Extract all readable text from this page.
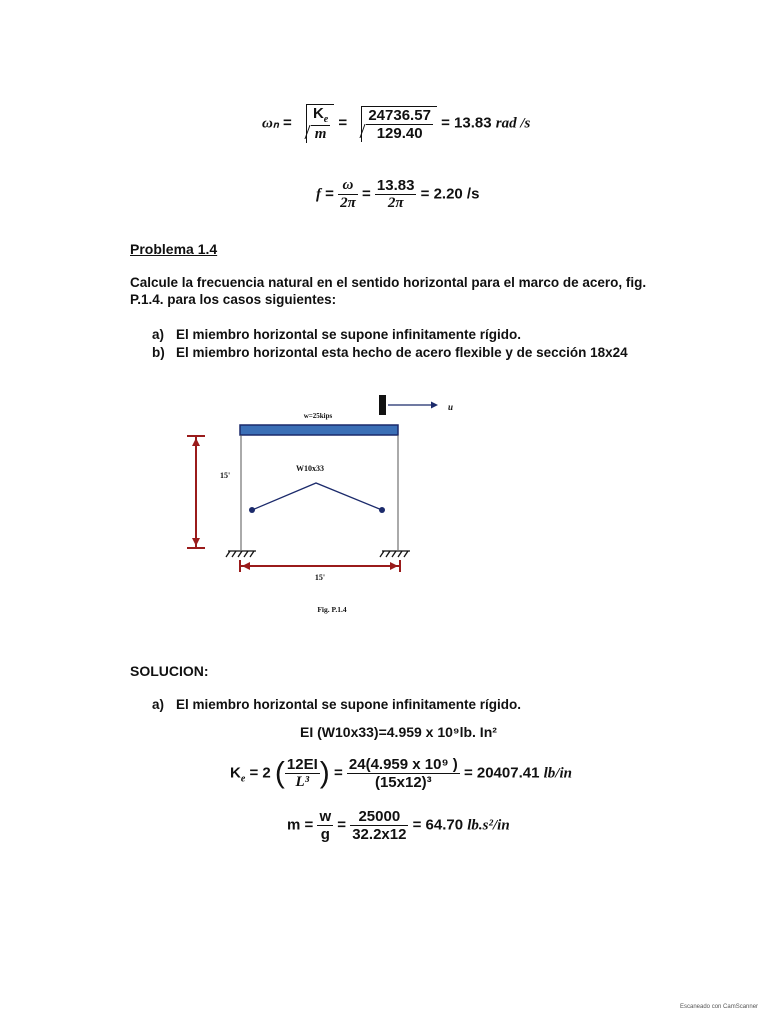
$\omega_n = \frac{K_e}{m} = \frac{24736.57}{129.40} = 13.83$ rad /s
$f = \frac{\omega}{2\pi} = \frac{13.83}{2\pi} = 2.20$ /s
Problema 1.4
Calcule la frecuencia natural en el sentido horizontal para el marco de acero, fig.
P.1.4. para los casos siguientes:
a) El miembro horizontal se supone infinitamente rígido.
b) El miembro horizontal esta hecho de acero flexible y de sección 18x24
w=25kips
u
W10x33
15'
15'
Fig. P.1.4
SOLUCION:
a) El miembro horizontal se supone infinitamente rígido.
EI (W10x33)=4.959 x 10⁹lb. In²
$K_e = 2$ ( $\frac{12EI}{\text{L³}}$ ) = $\frac{\text{24(4.959 x 10⁹ )}}{\text{(15x12)³}} = 20407.41$ lb/in
$m = \frac{w}{g} = \frac{25000}{32.2x12} = 64.70$ lb.s²/in
Escaneado con CamScanner
